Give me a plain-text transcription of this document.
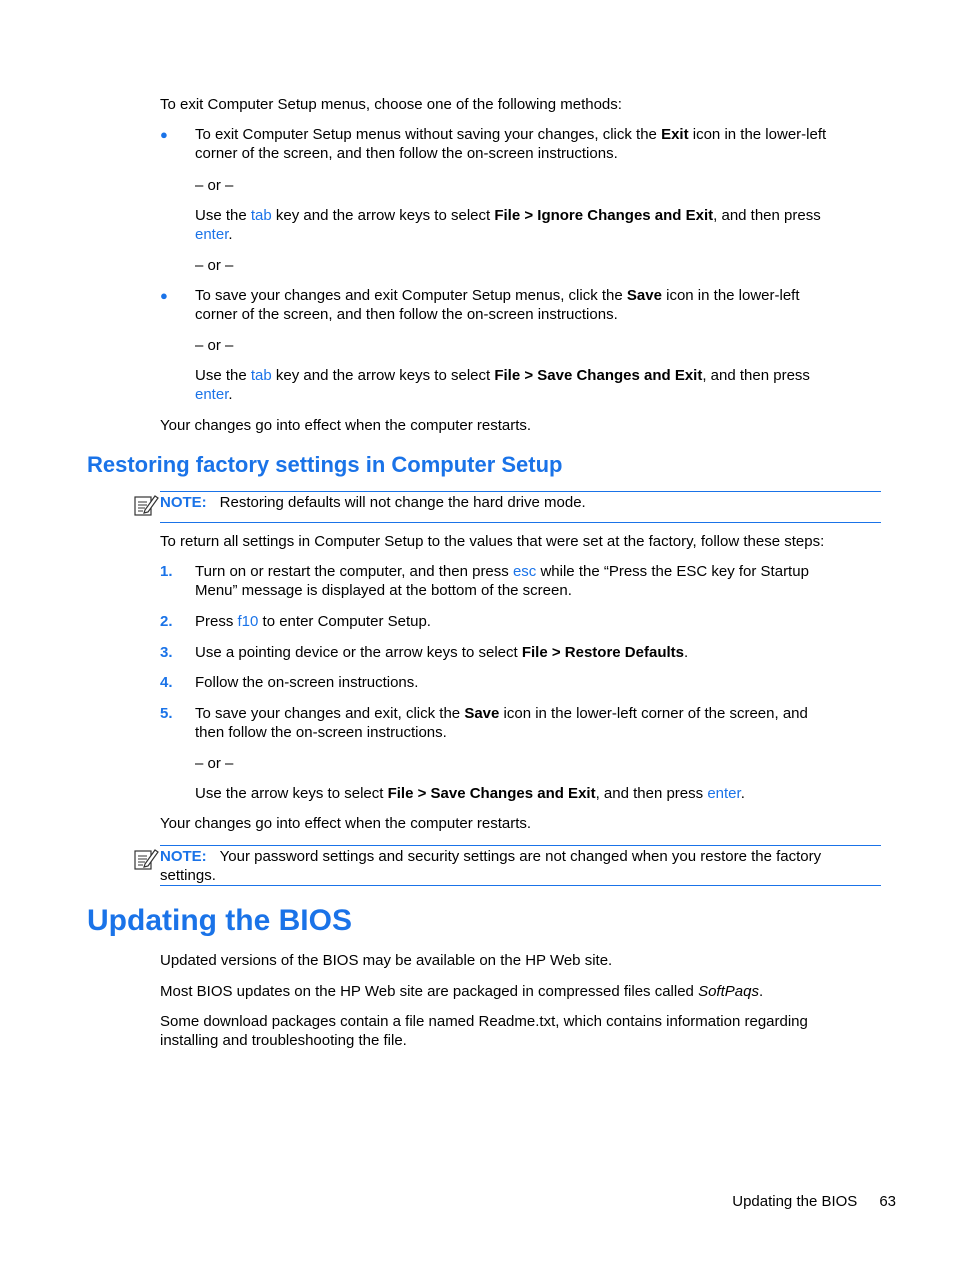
To exit Computer Setup menus, choose one of the following methods:
● To exit Computer Setup menus without saving your changes, click the Exit icon in the lower-left
corner of the screen, and then follow the on-screen instructions.
– or –
Use the tab key and the arrow keys to select File > Ignore Changes and Exit, and then press
enter.
– or –
● To save your changes and exit Computer Setup menus, click the Save icon in the lower-left
corner of the screen, and then follow the on-screen instructions.
– or –
Use the tab key and the arrow keys to select File > Save Changes and Exit, and then press
enter.
Your changes go into effect when the computer restarts.
Restoring factory settings in Computer Setup
NOTE: Restoring defaults will not change the hard drive mode.
To return all settings in Computer Setup to the values that were set at the factory, follow these steps:
1. Turn on or restart the computer, and then press esc while the “Press the ESC key for Startup
Menu” message is displayed at the bottom of the screen.
2. Press f10 to enter Computer Setup.
3. Use a pointing device or the arrow keys to select File > Restore Defaults.
4. Follow the on-screen instructions.
5. To save your changes and exit, click the Save icon in the lower-left corner of the screen, and
then follow the on-screen instructions.
– or –
Use the arrow keys to select File > Save Changes and Exit, and then press enter.
Your changes go into effect when the computer restarts.
NOTE: Your password settings and security settings are not changed when you restore the factory
settings.
Updating the BIOS
Updated versions of the BIOS may be available on the HP Web site.
Most BIOS updates on the HP Web site are packaged in compressed files called SoftPaqs.
Some download packages contain a file named Readme.txt, which contains information regarding
installing and troubleshooting the file.
Updating the BIOS 63
